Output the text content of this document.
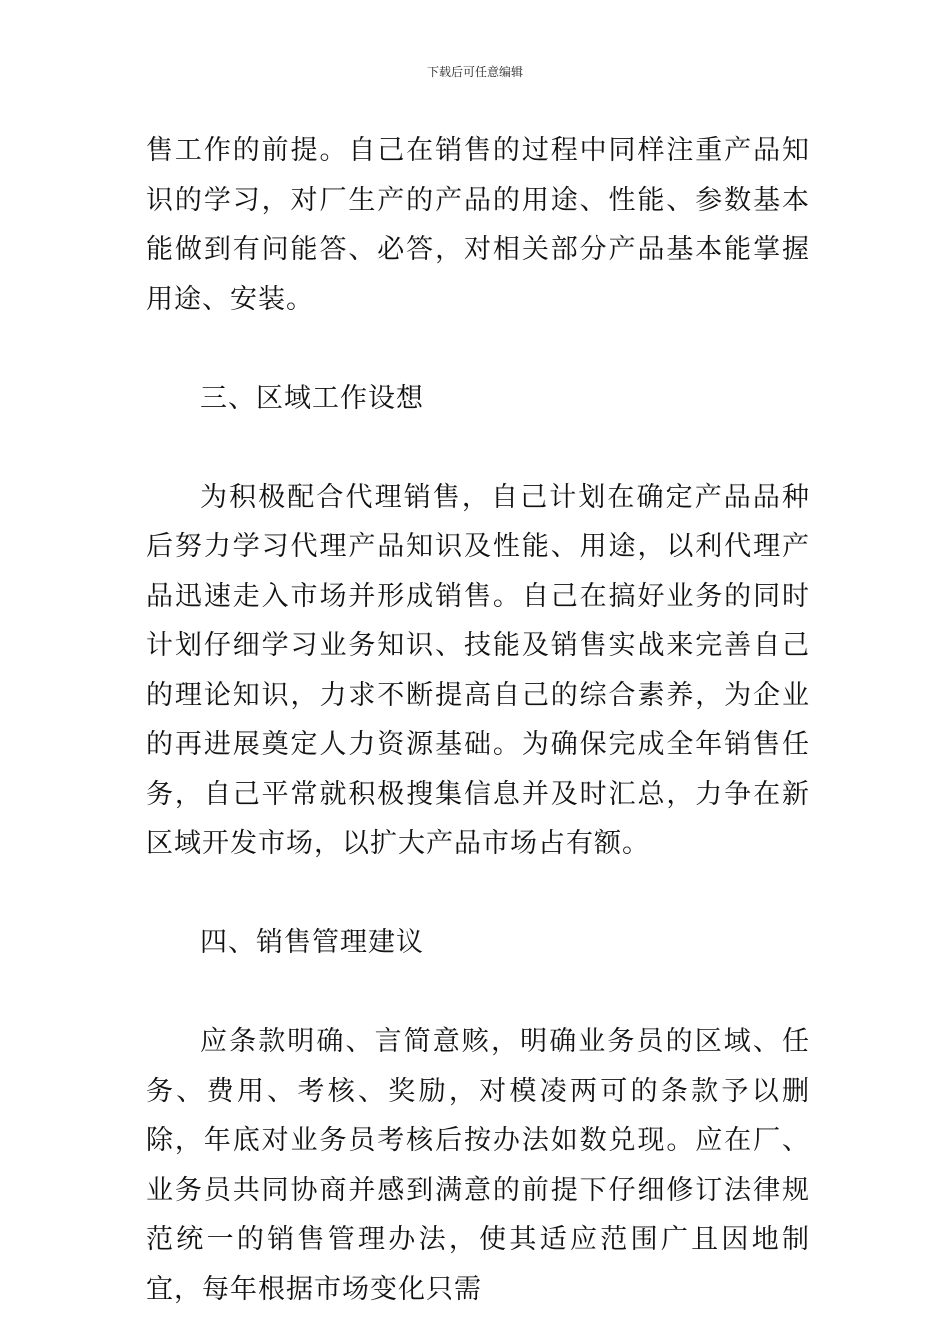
下载后可任意编辑

售工作的前提。自己在销售的过程中同样注重产品知识的学习，对厂生产的产品的用途、性能、参数基本能做到有问能答、必答，对相关部分产品基本能掌握用途、安装。

三、区域工作设想

为积极配合代理销售，自己计划在确定产品品种后努力学习代理产品知识及性能、用途，以利代理产品迅速走入市场并形成销售。自己在搞好业务的同时计划仔细学习业务知识、技能及销售实战来完善自己的理论知识，力求不断提高自己的综合素养，为企业的再进展奠定人力资源基础。为确保完成全年销售任务，自己平常就积极搜集信息并及时汇总，力争在新区域开发市场，以扩大产品市场占有额。

四、销售管理建议

应条款明确、言简意赅，明确业务员的区域、任务、费用、考核、奖励，对模凌两可的条款予以删除，年底对业务员考核后按办法如数兑现。应在厂、业务员共同协商并感到满意的前提下仔细修订法律规范统一的销售管理办法，使其适应范围广且因地制宜，每年根据市场变化只需
